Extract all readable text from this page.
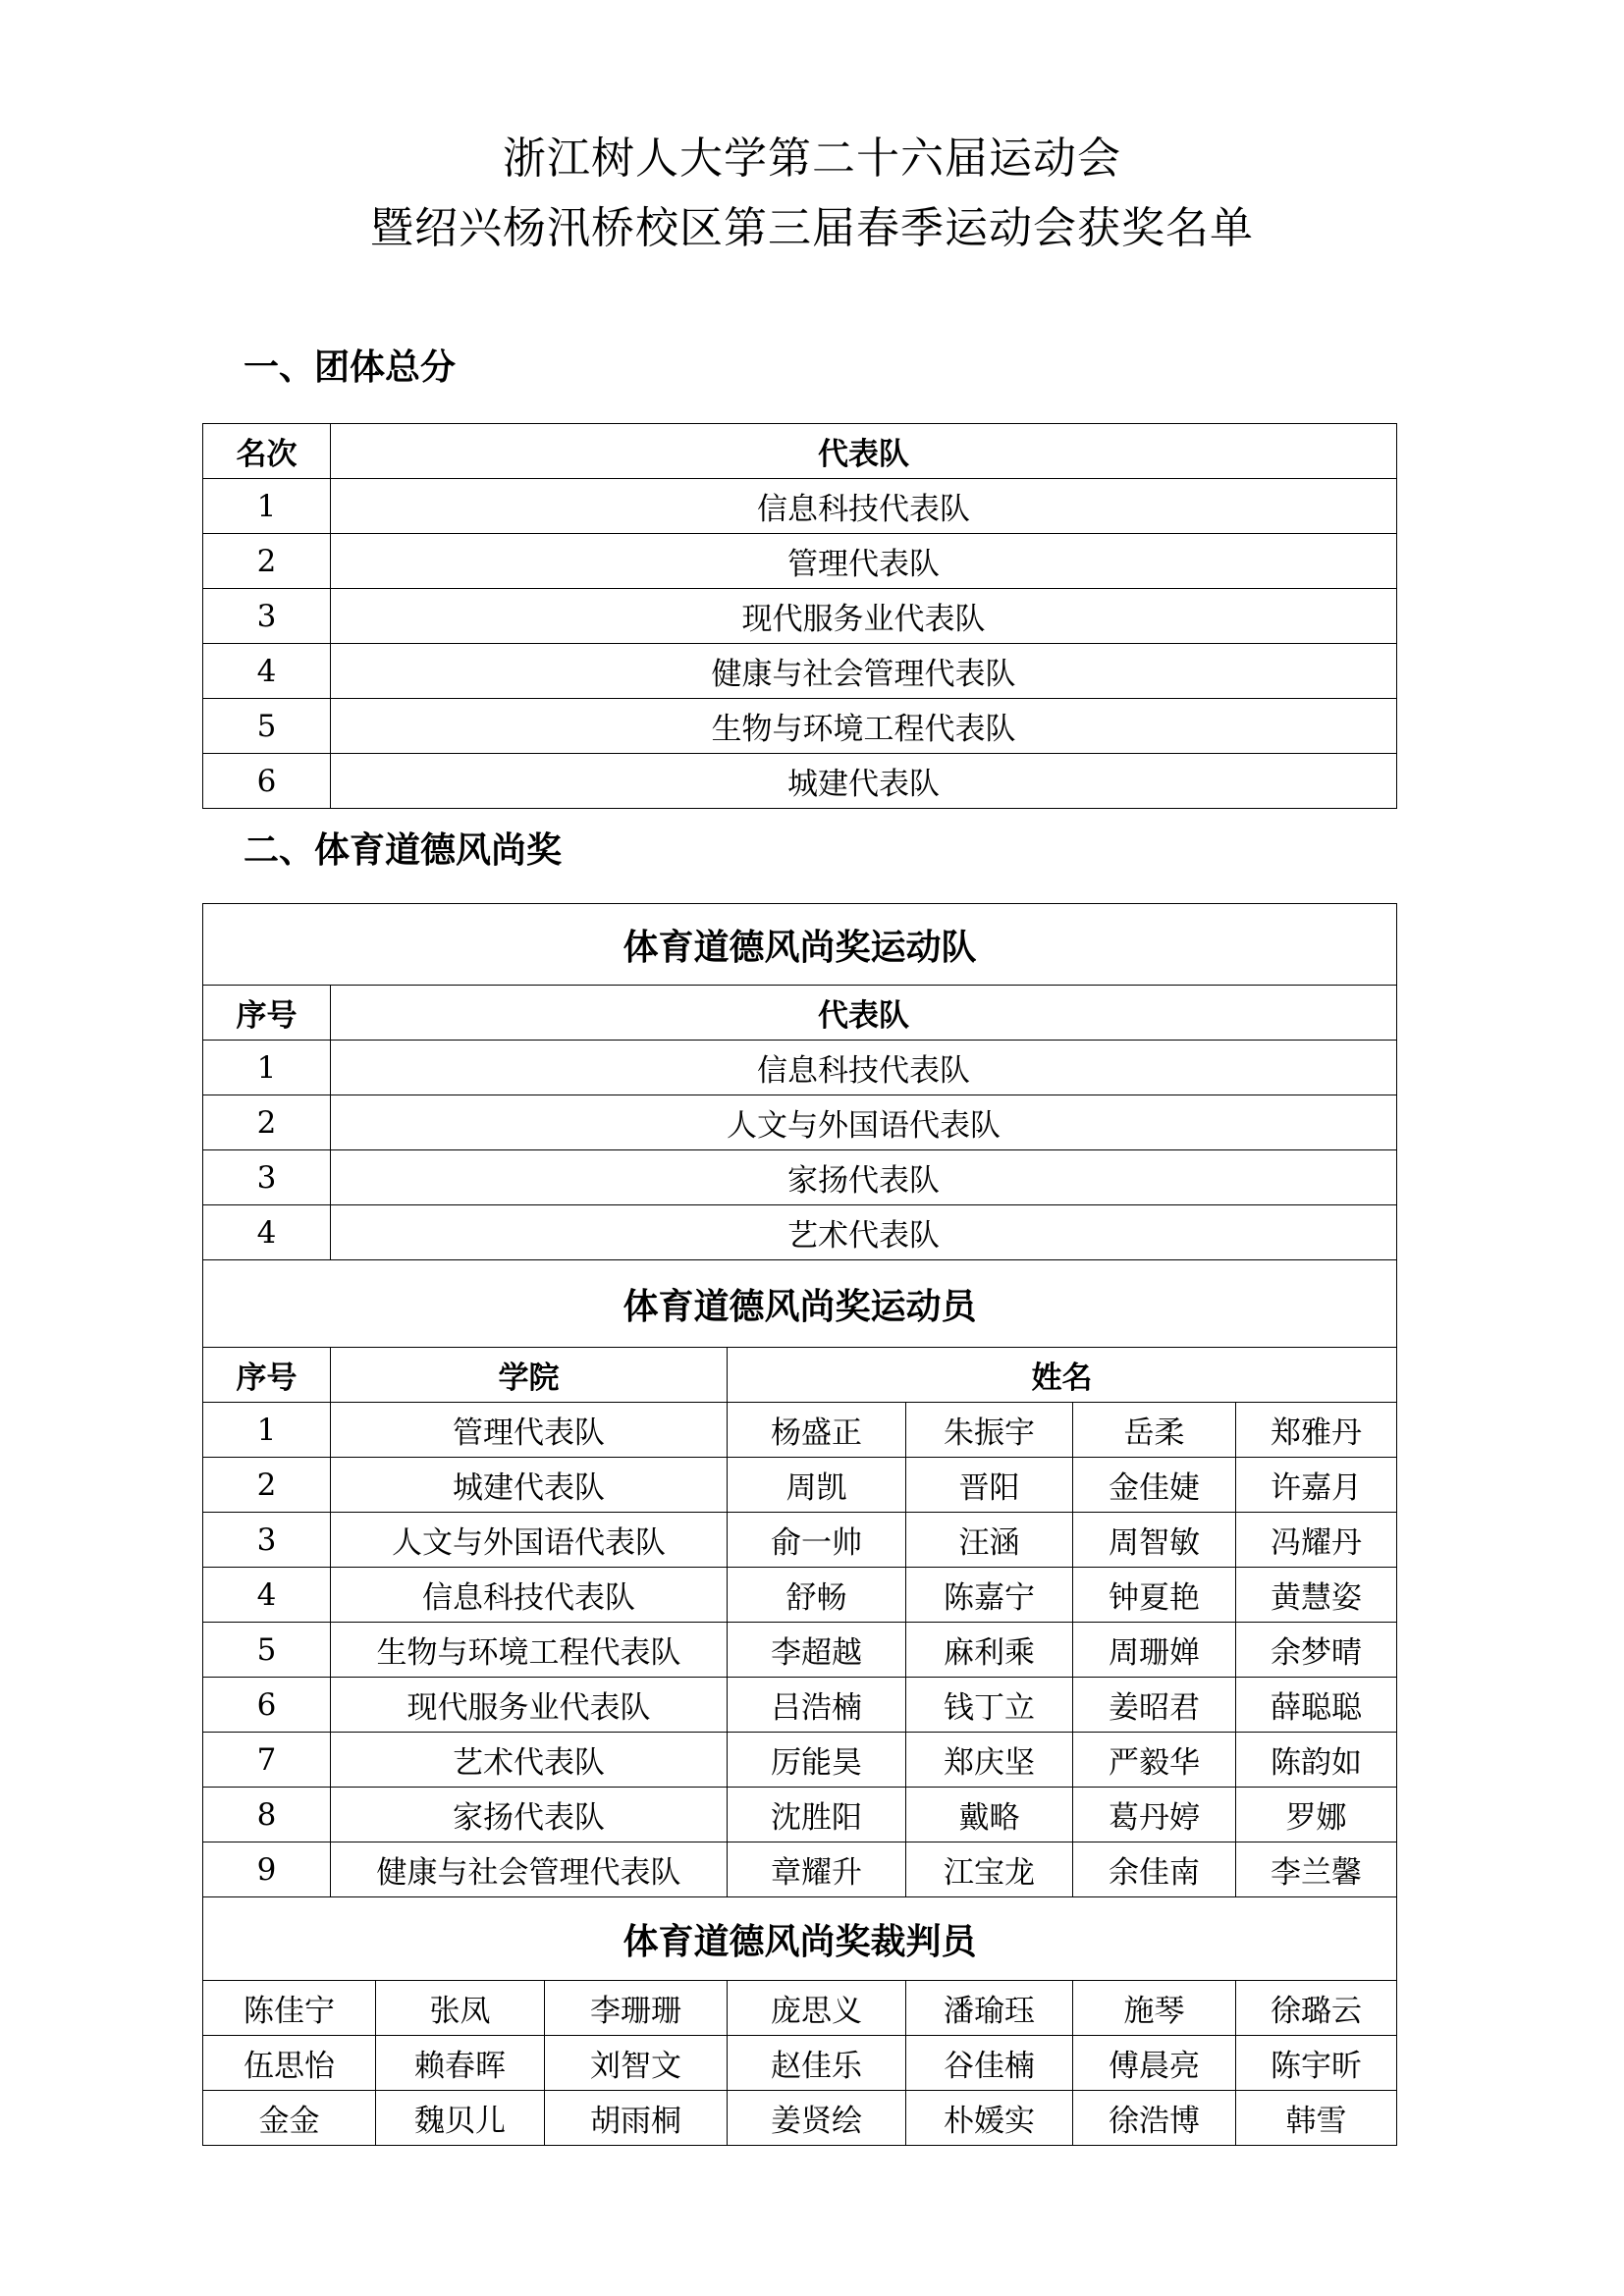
浙江树人大学第二十六届运动会
暨绍兴杨汛桥校区第三届春季运动会获奖名单
一、团体总分
名次	代表队
1	信息科技代表队
2	管理代表队
3	现代服务业代表队
4	健康与社会管理代表队
5	生物与环境工程代表队
6	城建代表队
二、体育道德风尚奖
体育道德风尚奖运动队							
序号	代表队						
1	信息科技代表队						
2	人文与外国语代表队						
3	家扬代表队						
4	艺术代表队						
体育道德风尚奖运动员							
序号	学院			姓名			
1	管理代表队			杨盛正	朱振宇	岳柔	郑雅丹
2	城建代表队			周凯	晋阳	金佳婕	许嘉月
3	人文与外国语代表队			俞一帅	汪涵	周智敏	冯耀丹
4	信息科技代表队			舒畅	陈嘉宁	钟夏艳	黄慧姿
5	生物与环境工程代表队			李超越	麻利乘	周珊婵	余梦晴
6	现代服务业代表队			吕浩楠	钱丁立	姜昭君	薛聪聪
7	艺术代表队			厉能昊	郑庆坚	严毅华	陈韵如
8	家扬代表队			沈胜阳	戴略	葛丹婷	罗娜
9	健康与社会管理代表队			章耀升	江宝龙	余佳南	李兰馨
体育道德风尚奖裁判员							
陈佳宁		张凤	李珊珊	庞思义	潘瑜珏	施琴	徐璐云
伍思怡		赖春晖	刘智文	赵佳乐	谷佳楠	傅晨亮	陈宇昕
金金		魏贝儿	胡雨桐	姜贤绘	朴媛实	徐浩博	韩雪
